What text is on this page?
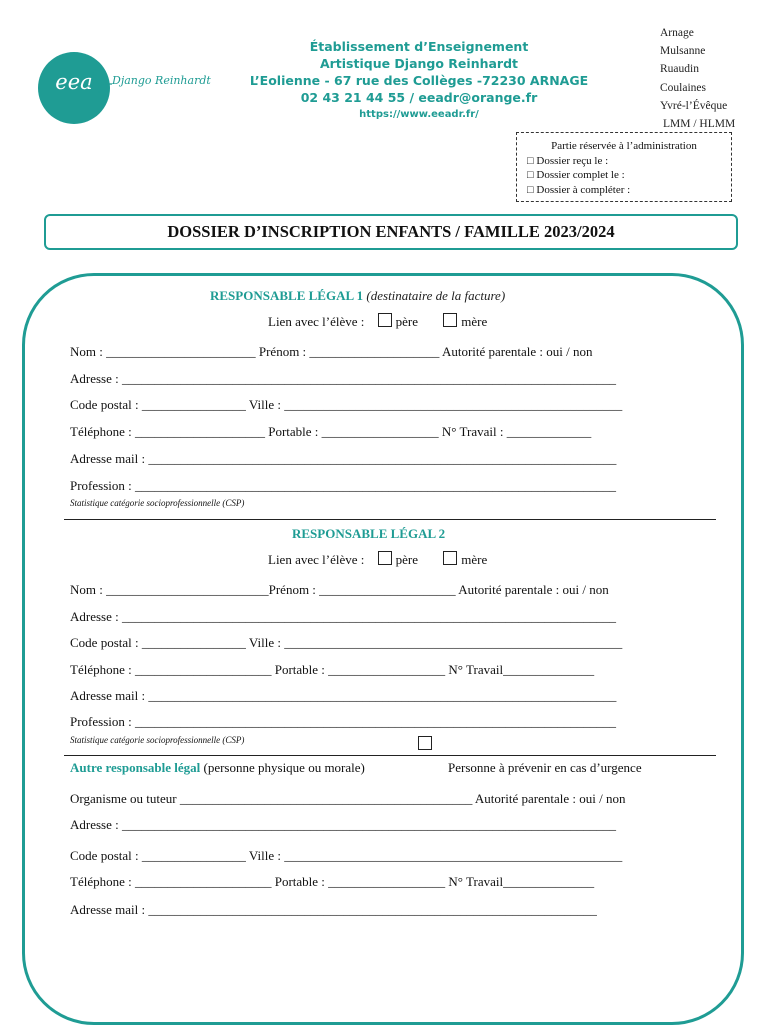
eea	Django Reinhardt
Établissement d’Enseignement
Artistique Django Reinhardt
L’Eolienne - 67 rue des Collèges -72230 ARNAGE
02 43 21 44 55 / eeadr@orange.fr
https://www.eeadr.fr/
Arnage
Mulsanne
Ruaudin
Coulaines
Yvré-l’Évêque
LMM / HLMM
Partie réservée à l’administration
□ Dossier reçu le :
□ Dossier complet le :
□ Dossier à compléter :
DOSSIER D’INSCRIPTION ENFANTS / FAMILLE 2023/2024
RESPONSABLE LÉGAL 1 (destinataire de la facture)
Lien avec l’élève : père	mère
Nom : _______________________ Prénom : ____________________ Autorité parentale : oui / non
Adresse : ____________________________________________________________________________
Code postal : ________________ Ville : ____________________________________________________
Téléphone : ____________________ Portable : __________________ N° Travail : _____________
Adresse mail : ________________________________________________________________________
Profession : __________________________________________________________________________
Statistique catégorie socioprofessionnelle (CSP)
RESPONSABLE LÉGAL 2
Lien avec l’élève : père	mère
Nom : _________________________Prénom : _____________________ Autorité parentale : oui / non
Adresse : ____________________________________________________________________________
Code postal : ________________ Ville : ____________________________________________________
Téléphone : _____________________ Portable : __________________ N° Travail______________
Adresse mail : ________________________________________________________________________
Profession : __________________________________________________________________________
Statistique catégorie socioprofessionnelle (CSP)
Autre responsable légal (personne physique ou morale)	Personne à prévenir en cas d’urgence
Organisme ou tuteur _____________________________________________ Autorité parentale : oui / non
Adresse : ____________________________________________________________________________
Code postal : ________________ Ville : ____________________________________________________
Téléphone : _____________________ Portable : __________________ N° Travail______________
Adresse mail : _____________________________________________________________________
